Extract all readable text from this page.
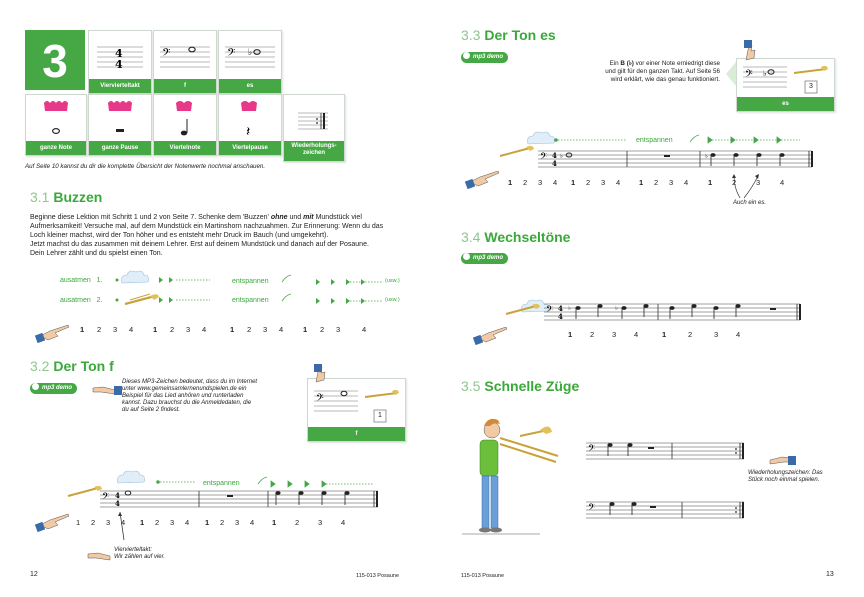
3	4
4
Viervierteltakt
𝄢
f
𝄢 ♭
es
ganze Note	ganze Pause	Viertelnote
𝄽
Viertelpause	Wiederholungs-
zeichen
Auf Seite 10 kannst du dir die komplette Übersicht der Notenwerte nochmal anschauen.
3.1 Buzzen
Beginne diese Lektion mit Schritt 1 und 2 von Seite 7. Schenke dem 'Buzzen' ohne und mit Mundstück viel
Aufmerksamkeit! Versuche mal, auf dem Mundstück ein Martinshorn nachzuahmen. Zur Erinnerung: Wenn du das
Loch kleiner machst, wird der Ton höher und es entsteht mehr Druck im Bauch (und umgekehrt).
Jetzt machst du das zusammen mit deinem Lehrer. Erst auf deinem Mundstück und danach auf der Posaune.
Dein Lehrer zählt und du spielst einen Ton.
ausatmen 1.
ausatmen 2.
entspannen
entspannen
(usw.)
(usw.)
1 2 3 4	1 2 3 4	1 2 3 4	1 2 3	4
3.2 Der Ton f
mp3 demo
Dieses MP3-Zeichen bedeutet, dass du im Internet
unter www.gemeinsamlernenundspielen.de ein
Beispiel für das Lied anhören und runterladen
kannst. Dazu brauchst du die Anmeldedaten, die
du auf Seite 2 findest.
𝄢
1
f
𝄢 4
4
entspannen
1 2 3 4 1 2 3 4 1 2 3 4 1	2	3	4
Viervierteltakt:
Wir zählen auf vier.
12	115-013 Posaune
3.3 Der Ton es
mp3 demo
Ein B (♭) vor einer Note erniedrigt diese
und gilt für den ganzen Takt. Auf Seite 56
wird erklärt, wie das genau funktioniert. 𝄢 ♭
3
es
𝄢 4
4
♭	♭
entspannen
1 2 3 4 1 2 3 4	1 2 3 4	1	2	3	4
Auch ein es.
3.4 Wechseltöne
mp3 demo
𝄢 4
4
♭	♭
1 2 3 4	1	2	3 4
3.5 Schnelle Züge
𝄢
𝄢
Wiederholungszeichen: Das
Stück noch einmal spielen.
115-013 Posaune	13
